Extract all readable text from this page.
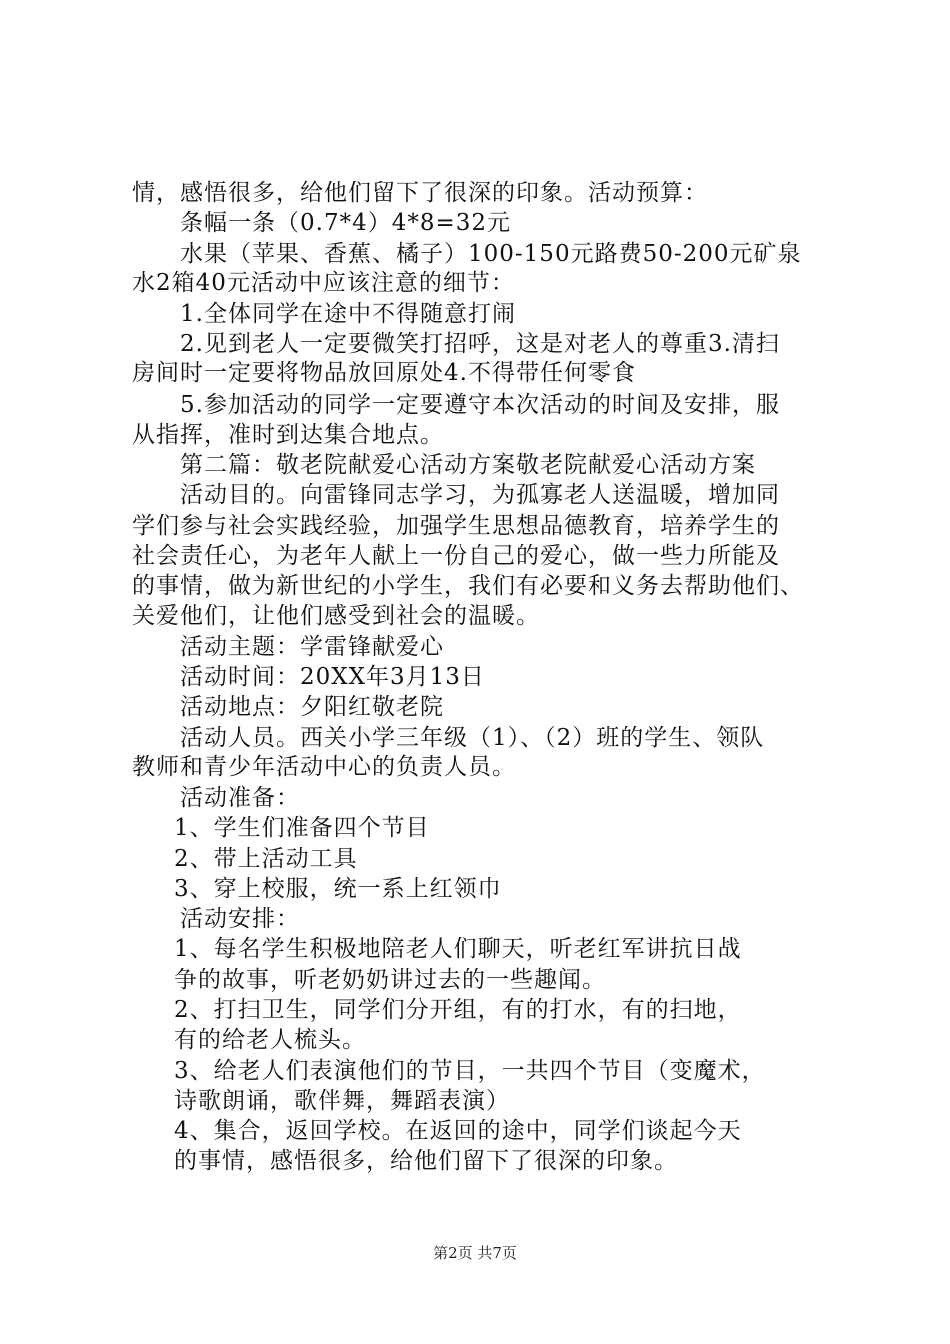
情，感悟很多，给他们留下了很深的印象。活动预算：
条幅一条（0.7*4）4*8=32元
水果（苹果、香蕉、橘子）100-150元路费50-200元矿泉
水2箱40元活动中应该注意的细节：
1.全体同学在途中不得随意打闹
2.见到老人一定要微笑打招呼，这是对老人的尊重3.清扫
房间时一定要将物品放回原处4.不得带任何零食
5.参加活动的同学一定要遵守本次活动的时间及安排，服
从指挥，准时到达集合地点。
第二篇：敬老院献爱心活动方案敬老院献爱心活动方案
活动目的。向雷锋同志学习，为孤寡老人送温暖，增加同
学们参与社会实践经验，加强学生思想品德教育，培养学生的
社会责任心，为老年人献上一份自己的爱心，做一些力所能及
的事情，做为新世纪的小学生，我们有必要和义务去帮助他们、
关爱他们，让他们感受到社会的温暖。
活动主题：学雷锋献爱心
活动时间：20XX年3月13日
活动地点：夕阳红敬老院
活动人员。西关小学三年级（1）、（2）班的学生、领队
教师和青少年活动中心的负责人员。
活动准备：
1、学生们准备四个节目
2、带上活动工具
3、穿上校服，统一系上红领巾
活动安排：
1、每名学生积极地陪老人们聊天，听老红军讲抗日战
争的故事，听老奶奶讲过去的一些趣闻。
2、打扫卫生，同学们分开组，有的打水，有的扫地，
有的给老人梳头。
3、给老人们表演他们的节目，一共四个节目（变魔术，
诗歌朗诵，歌伴舞，舞蹈表演）
4、集合，返回学校。在返回的途中，同学们谈起今天
的事情，感悟很多，给他们留下了很深的印象。
第2页 共7页
